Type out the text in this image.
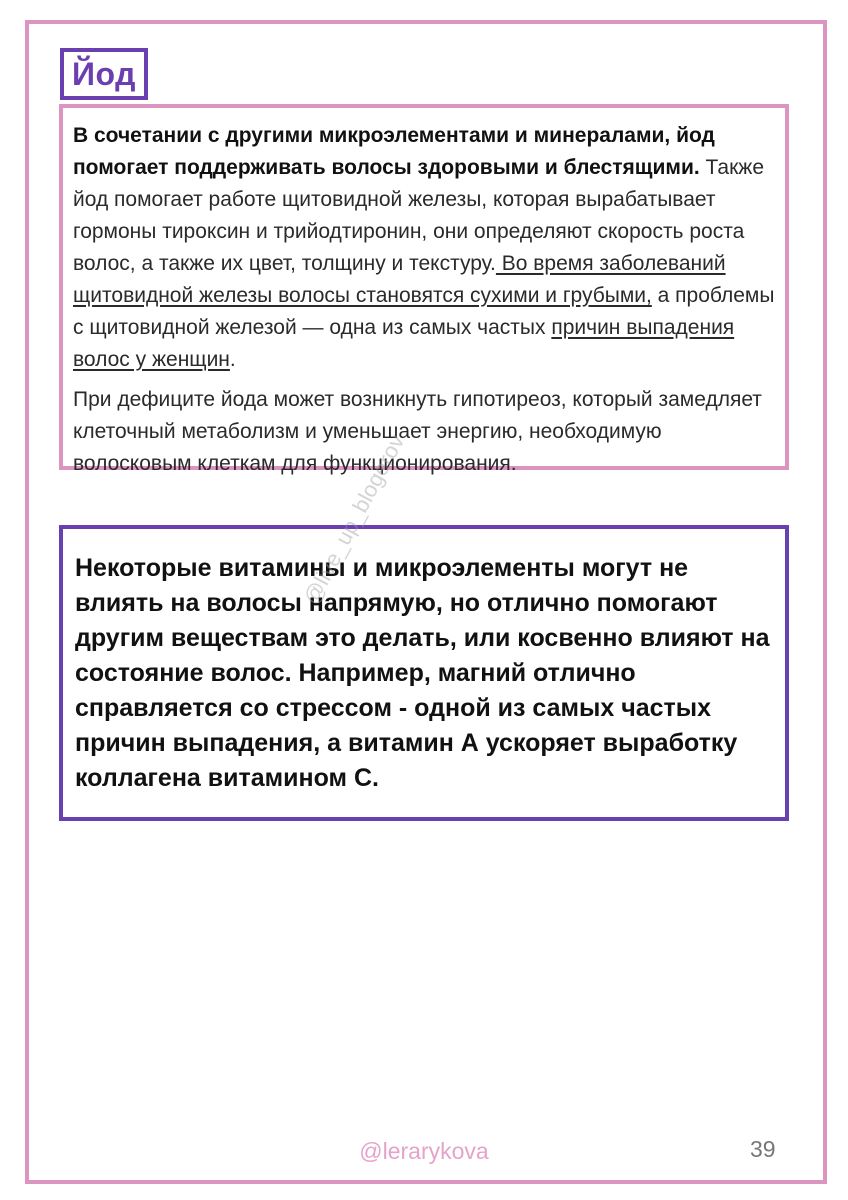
Йод

В сочетании с другими микроэлементами и минералами, йод помогает поддерживать волосы здоровыми и блестящими. Также йод помогает работе щитовидной железы, которая вырабатывает гормоны тироксин и трийодтиронин, они определяют скорость роста волос, а также их цвет, толщину и текстуру. Во время заболеваний щитовидной железы волосы становятся сухими и грубыми, а проблемы с щитовидной железой — одна из самых частых причин выпадения волос у женщин.

При дефиците йода может возникнуть гипотиреоз, который замедляет клеточный метаболизм и уменьшает энергию, необходимую волосковым клеткам для функционирования.

Некоторые витамины и микроэлементы могут не влиять на волосы напрямую, но отлично помогают другим веществам это делать, или косвенно влияют на состояние волос. Например, магний отлично справляется со стрессом - одной из самых частых причин выпадения, а витамин А ускоряет выработку коллагена витамином С.

@live_up_blogerov
@lerarykova	39
